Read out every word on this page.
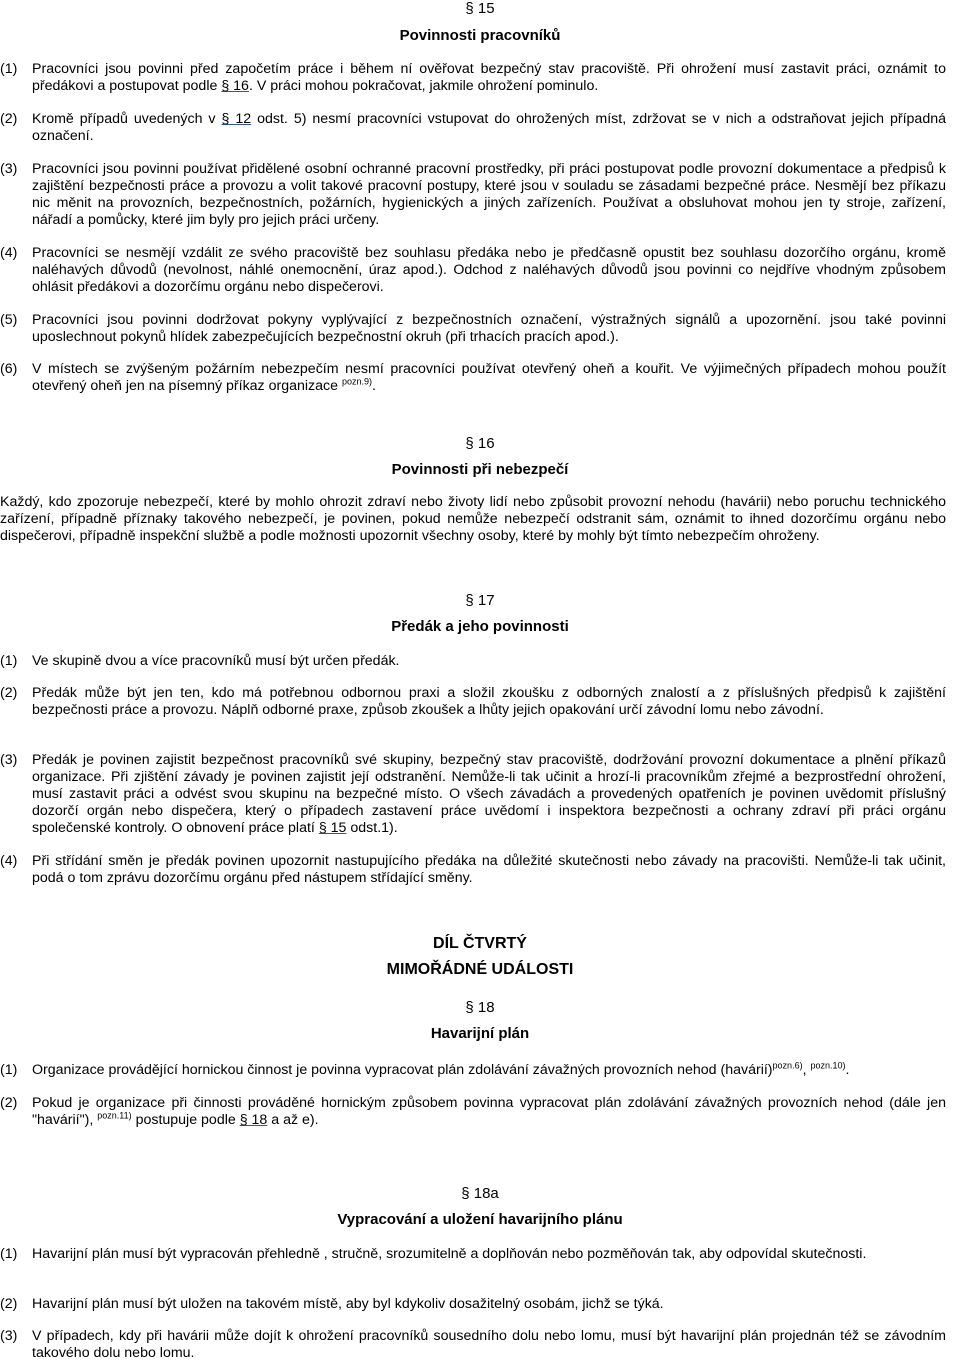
§ 15
Povinnosti pracovníků
(1) Pracovníci jsou povinni před započetím práce i během ní ověřovat bezpečný stav pracoviště. Při ohrožení musí zastavit práci, oznámit to předákovi a postupovat podle § 16. V práci mohou pokračovat, jakmile ohrožení pominulo.
(2) Kromě případů uvedených v § 12 odst. 5) nesmí pracovníci vstupovat do ohrožených míst, zdržovat se v nich a odstraňovat jejich případná označení.
(3) Pracovníci jsou povinni používat přidělené osobní ochranné pracovní prostředky, při práci postupovat podle provozní dokumentace a předpisů k zajištění bezpečnosti práce a provozu a volit takové pracovní postupy, které jsou v souladu se zásadami bezpečné práce. Nesmějí bez příkazu nic měnit na provozních, bezpečnostních, požárních, hygienických a jiných zařízeních. Používat a obsluhovat mohou jen ty stroje, zařízení, nářadí a pomůcky, které jim byly pro jejich práci určeny.
(4) Pracovníci se nesmějí vzdálit ze svého pracoviště bez souhlasu předáka nebo je předčasně opustit bez souhlasu dozorčího orgánu, kromě naléhavých důvodů (nevolnost, náhlé onemocnění, úraz apod.). Odchod z naléhavých důvodů jsou povinni co nejdříve vhodným způsobem ohlásit předákovi a dozorčímu orgánu nebo dispečerovi.
(5) Pracovníci jsou povinni dodržovat pokyny vyplývající z bezpečnostních označení, výstražných signálů a upozornění. jsou také povinni uposlechnout pokynů hlídek zabezpečujících bezpečnostní okruh (při trhacích pracích apod.).
(6) V místech se zvýšeným požárním nebezpečím nesmí pracovníci používat otevřený oheň a kouřit. Ve výjimečných případech mohou použít otevřený oheň jen na písemný příkaz organizace $^{pozn.9)}$.
§ 16
Povinnosti při nebezpečí
Každý, kdo zpozoruje nebezpečí, které by mohlo ohrozit zdraví nebo životy lidí nebo způsobit provozní nehodu (havárii) nebo poruchu technického zařízení, případně příznaky takového nebezpečí, je povinen, pokud nemůže nebezpečí odstranit sám, oznámit to ihned dozorčímu orgánu nebo dispečerovi, případně inspekční službě a podle možnosti upozornit všechny osoby, které by mohly být tímto nebezpečím ohroženy.
§ 17
Předák a jeho povinnosti
(1) Ve skupině dvou a více pracovníků musí být určen předák.
(2) Předák může být jen ten, kdo má potřebnou odbornou praxi a složil zkoušku z odborných znalostí a z příslušných předpisů k zajištění bezpečnosti práce a provozu. Náplň odborné praxe, způsob zkoušek a lhůty jejich opakování určí závodní lomu nebo závodní.
(3) Předák je povinen zajistit bezpečnost pracovníků své skupiny, bezpečný stav pracoviště, dodržování provozní dokumentace a plnění příkazů organizace. Při zjištění závady je povinen zajistit její odstranění. Nemůže-li tak učinit a hrozí-li pracovníkům zřejmé a bezprostřední ohrožení, musí zastavit práci a odvést svou skupinu na bezpečné místo. O všech závadách a provedených opatřeních je povinen uvědomit příslušný dozorčí orgán nebo dispečera, který o případech zastavení práce uvědomí i inspektora bezpečnosti a ochrany zdraví při práci orgánu společenské kontroly. O obnovení práce platí § 15 odst.1).
(4) Při střídání směn je předák povinen upozornit nastupujícího předáka na důležité skutečnosti nebo závady na pracovišti. Nemůže-li tak učinit, podá o tom zprávu dozorčímu orgánu před nástupem střídající směny.
DÍL ČTVRTÝ
MIMOŘÁDNÉ UDÁLOSTI
§ 18
Havarijní plán
(1) Organizace provádějící hornickou činnost je povinna vypracovat plán zdolávání závažných provozních nehod (havárií)$^{pozn.6)}$, $^{pozn.10)}$.
(2) Pokud je organizace při činnosti prováděné hornickým způsobem povinna vypracovat plán zdolávání závažných provozních nehod (dále jen "havárií"), $^{pozn.11)}$ postupuje podle § 18 a až e).
§ 18a
Vypracování a uložení havarijního plánu
(1) Havarijní plán musí být vypracován přehledně , stručně, srozumitelně a doplňován nebo pozměňován tak, aby odpovídal skutečnosti.
(2) Havarijní plán musí být uložen na takovém místě, aby byl kdykoliv dosažitelný osobám, jichž se týká.
(3) V případech, kdy při havárii může dojít k ohrožení pracovníků sousedního dolu nebo lomu, musí být havarijní plán projednán též se závodním takového dolu nebo lomu.
